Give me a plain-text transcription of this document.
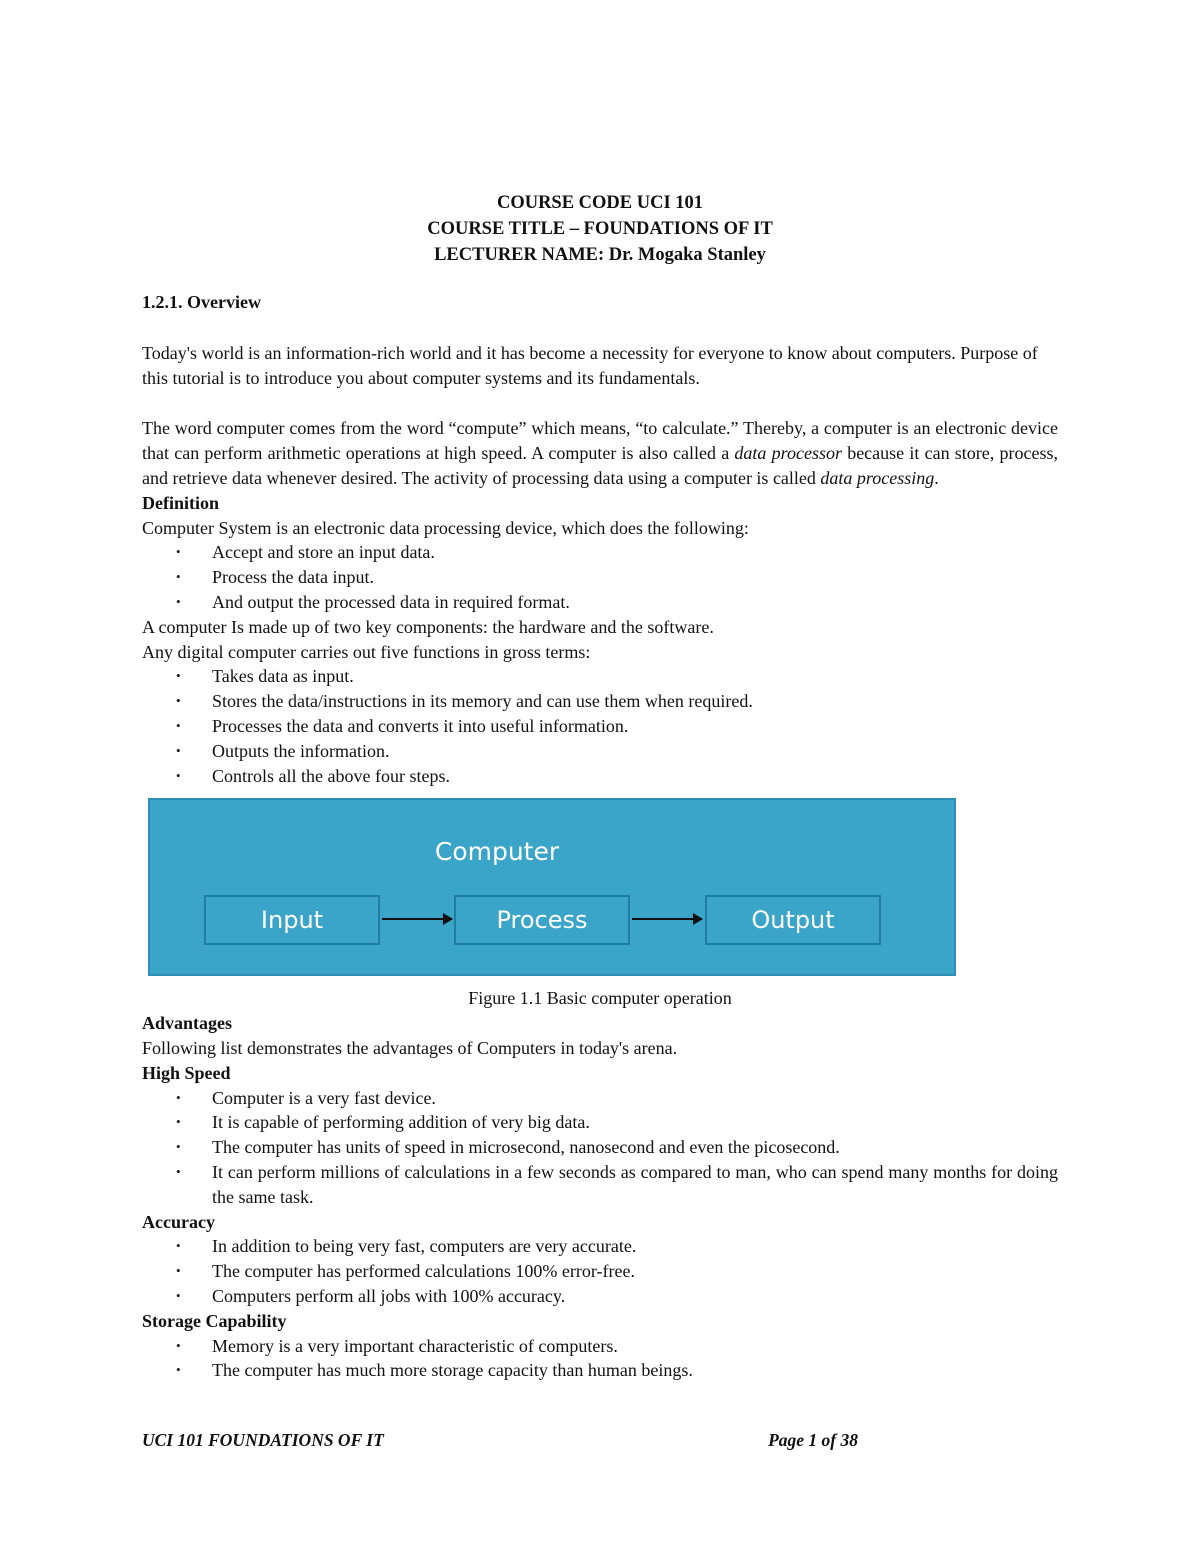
COURSE CODE UCI 101
COURSE TITLE – FOUNDATIONS OF IT
LECTURER NAME: Dr. Mogaka Stanley

1.2.1. Overview

Today's world is an information-rich world and it has become a necessity for everyone to know about computers. Purpose of this tutorial is to introduce you about computer systems and its fundamentals.

The word computer comes from the word “compute” which means, “to calculate.” Thereby, a computer is an electronic device that can perform arithmetic operations at high speed. A computer is also called a data processor because it can store, process, and retrieve data whenever desired. The activity of processing data using a computer is called data processing.

Definition

Computer System is an electronic data processing device, which does the following:

• Accept and store an input data.
• Process the data input.
• And output the processed data in required format.

A computer Is made up of two key components: the hardware and the software.

Any digital computer carries out five functions in gross terms:

• Takes data as input.
• Stores the data/instructions in its memory and can use them when required.
• Processes the data and converts it into useful information.
• Outputs the information.
• Controls all the above four steps.
Computer
Input	Process	Output

Figure 1.1 Basic computer operation

Advantages

Following list demonstrates the advantages of Computers in today's arena.

High Speed

• Computer is a very fast device.
• It is capable of performing addition of very big data.
• The computer has units of speed in microsecond, nanosecond and even the picosecond.
• It can perform millions of calculations in a few seconds as compared to man, who can spend many months for doing the same task.

Accuracy

• In addition to being very fast, computers are very accurate.
• The computer has performed calculations 100% error-free.
• Computers perform all jobs with 100% accuracy.

Storage Capability

• Memory is a very important characteristic of computers.
• The computer has much more storage capacity than human beings.
UCI 101 FOUNDATIONS OF IT	Page 1 of 38
